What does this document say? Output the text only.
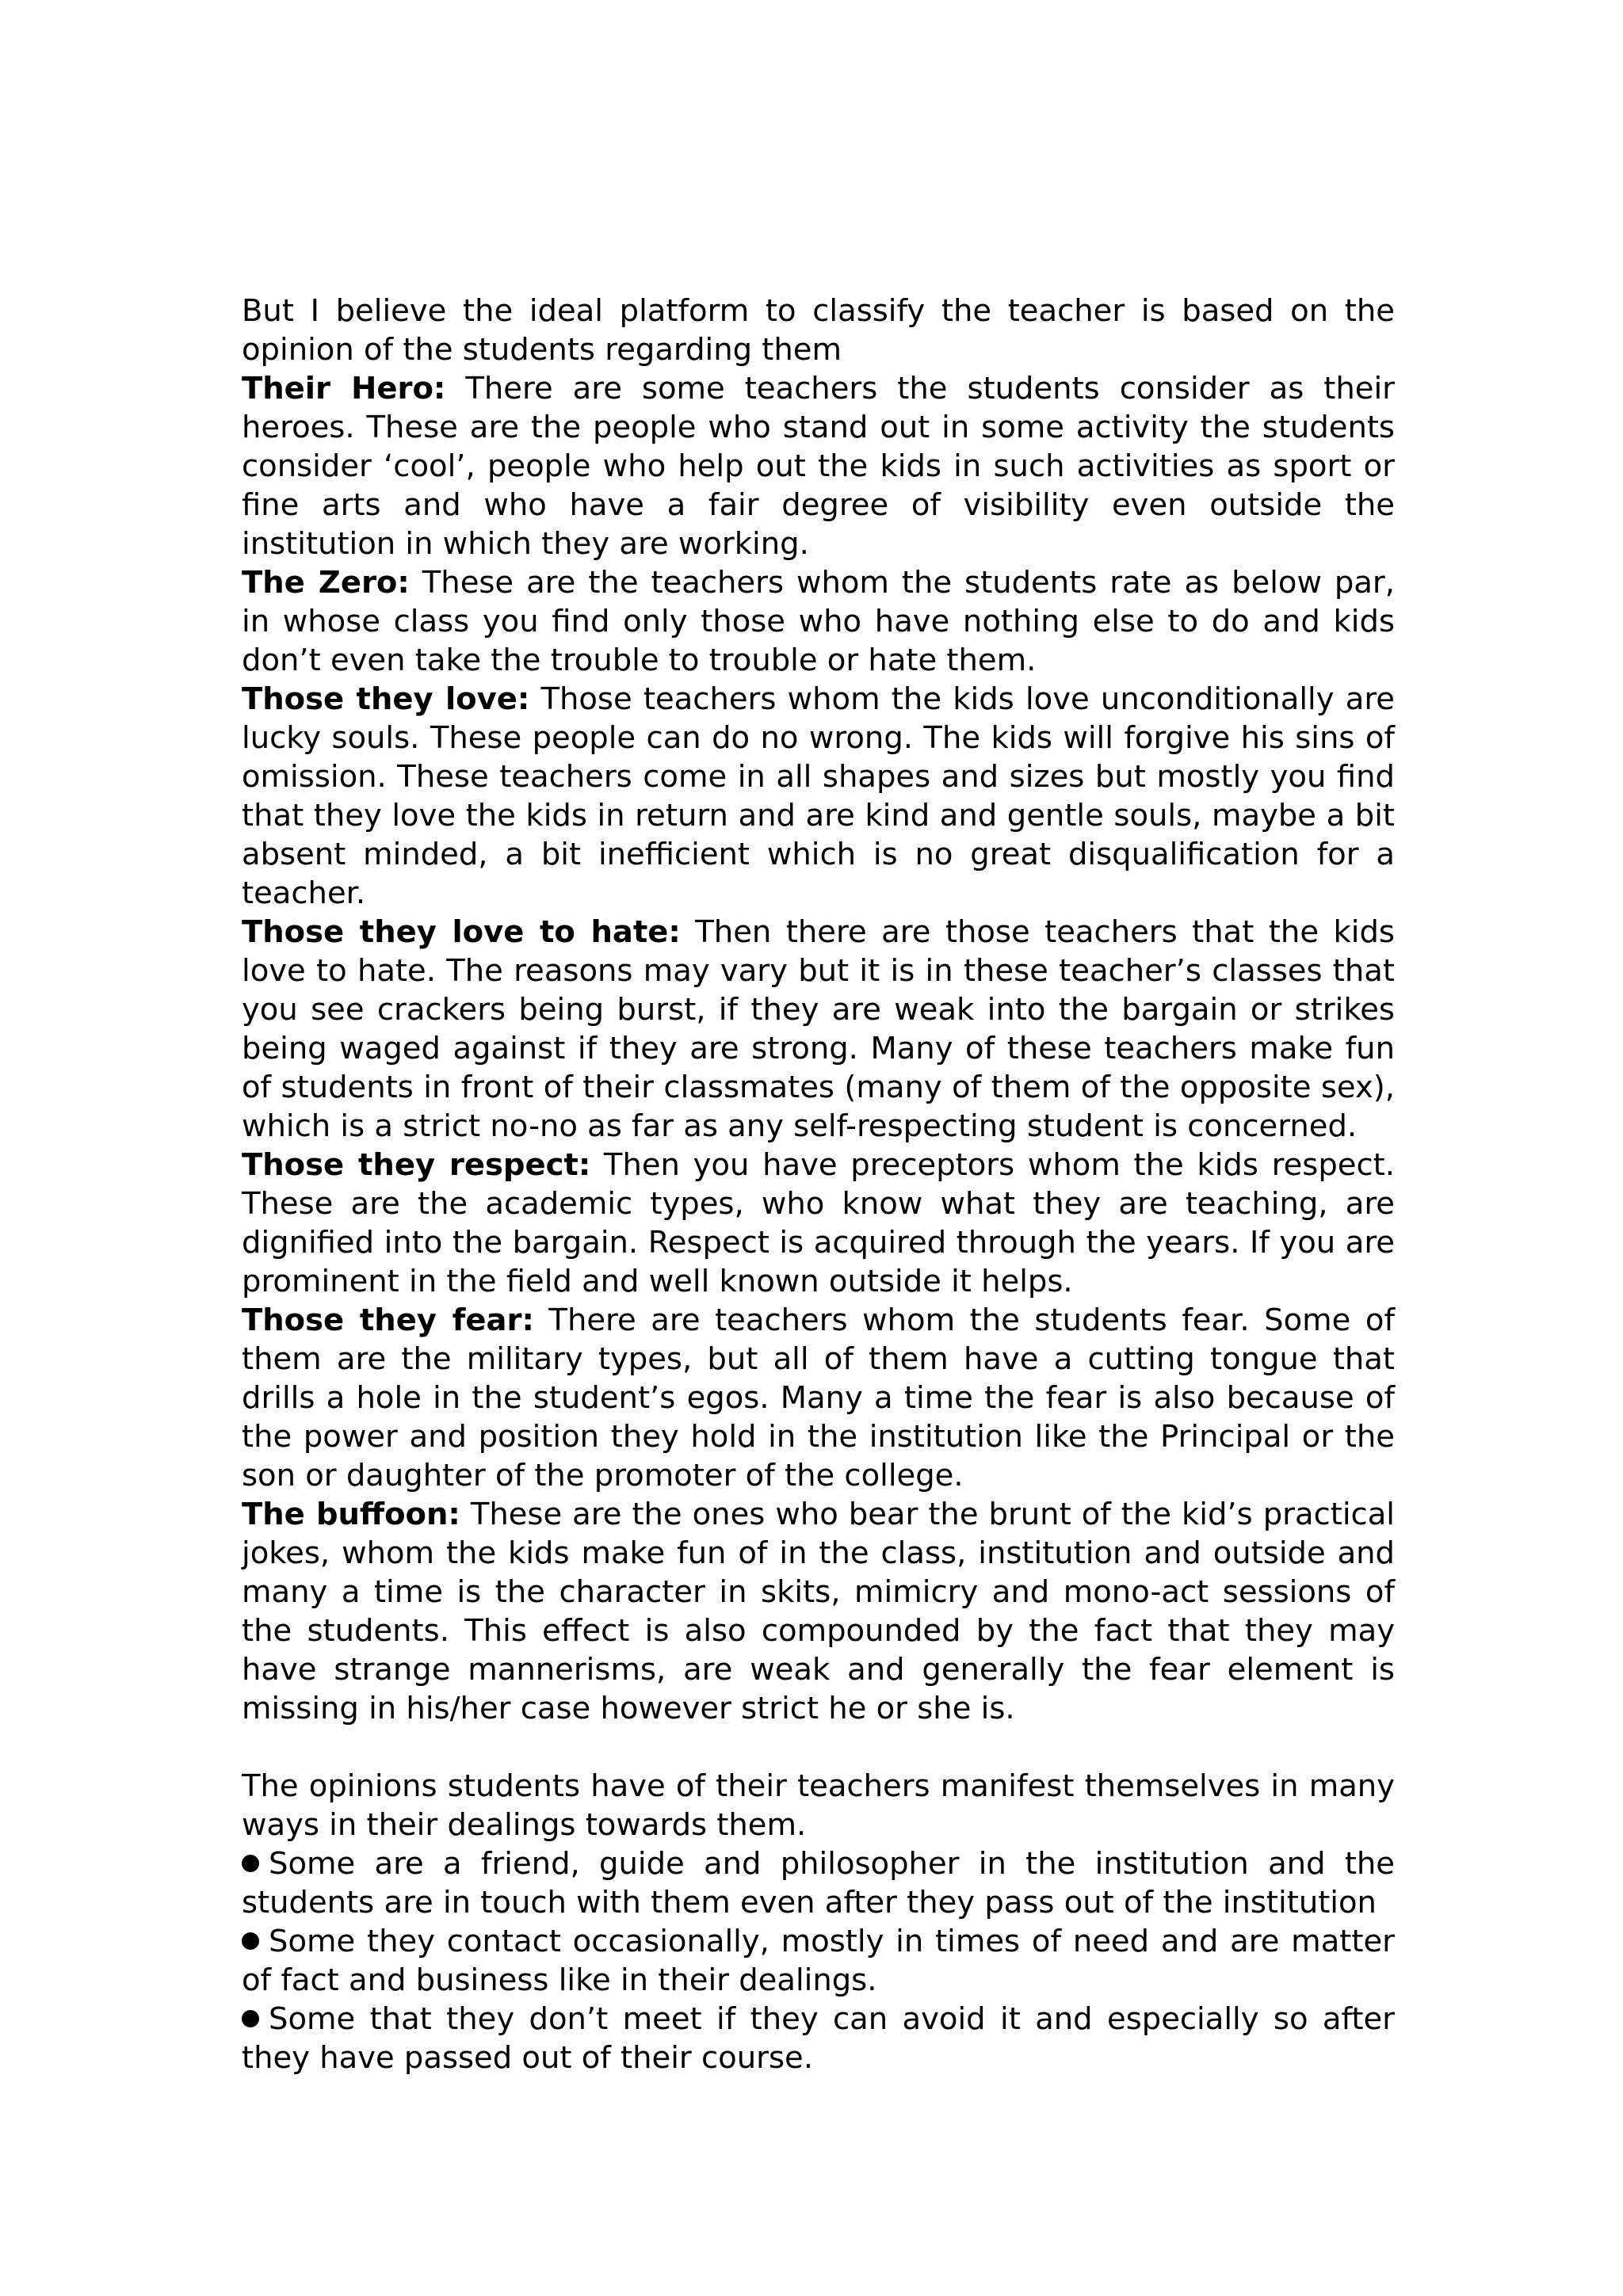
But I believe the ideal platform to classify the teacher is based on the opinion of the students regarding them

Their Hero: There are some teachers the students consider as their heroes. These are the people who stand out in some activity the students consider ‘cool’, people who help out the kids in such activities as sport or fine arts and who have a fair degree of visibility even outside the institution in which they are working.

The Zero: These are the teachers whom the students rate as below par, in whose class you find only those who have nothing else to do and kids don’t even take the trouble to trouble or hate them.

Those they love: Those teachers whom the kids love unconditionally are lucky souls. These people can do no wrong. The kids will forgive his sins of omission. These teachers come in all shapes and sizes but mostly you find that they love the kids in return and are kind and gentle souls, maybe a bit absent minded, a bit inefficient which is no great disqualification for a teacher.

Those they love to hate: Then there are those teachers that the kids love to hate. The reasons may vary but it is in these teacher’s classes that you see crackers being burst, if they are weak into the bargain or strikes being waged against if they are strong. Many of these teachers make fun of students in front of their classmates (many of them of the opposite sex), which is a strict no-no as far as any self-respecting student is concerned.

Those they respect: Then you have preceptors whom the kids respect. These are the academic types, who know what they are teaching, are dignified into the bargain. Respect is acquired through the years. If you are prominent in the field and well known outside it helps.

Those they fear: There are teachers whom the students fear. Some of them are the military types, but all of them have a cutting tongue that drills a hole in the student’s egos. Many a time the fear is also because of the power and position they hold in the institution like the Principal or the son or daughter of the promoter of the college.

The buffoon: These are the ones who bear the brunt of the kid’s practical jokes, whom the kids make fun of in the class, institution and outside and many a time is the character in skits, mimicry and mono-act sessions of the students. This effect is also compounded by the fact that they may have strange mannerisms, are weak and generally the fear element is missing in his/her case however strict he or she is.

The opinions students have of their teachers manifest themselves in many ways in their dealings towards them.

Some are a friend, guide and philosopher in the institution and the students are in touch with them even after they pass out of the institution

Some they contact occasionally, mostly in times of need and are matter of fact and business like in their dealings.

Some that they don’t meet if they can avoid it and especially so after they have passed out of their course.
